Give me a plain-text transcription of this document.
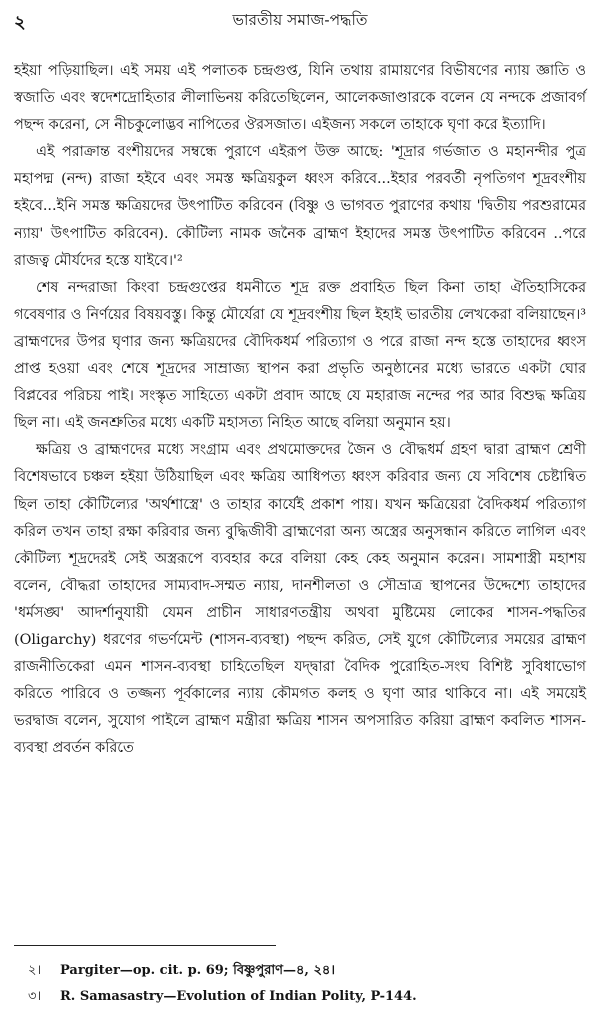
২	ভারতীয় সমাজ-পদ্ধতি

হইয়া পড়িয়াছিল। এই সময় এই পলাতক চন্দ্রগুপ্ত, যিনি তথায় রামায়ণের বিভীষণের ন্যায় জ্ঞাতি ও স্বজাতি এবং স্বদেশদ্রোহিতার লীলাভিনয় করিতেছিলেন, আলেকজাণ্ডারকে বলেন যে নন্দকে প্রজাবর্গ পছন্দ করেনা, সে নীচকুলোদ্ভব নাপিতের ঔরসজাত। এইজন্য সকলে তাহাকে ঘৃণা করে ইত্যাদি।

এই পরাক্রান্ত বংশীয়দের সম্বন্ধে পুরাণে এইরূপ উক্ত আছে: 'শূদ্রার গর্ভজাত ও মহানন্দীর পুত্র মহাপদ্ম (নন্দ) রাজা হইবে এবং সমস্ত ক্ষত্রিয়কুল ধ্বংস করিবে...ইহার পরবর্তী নৃপতিগণ শূদ্রবংশীয় হইবে...ইনি সমস্ত ক্ষত্রিয়দের উৎপাটিত করিবেন (বিষ্ণু ও ভাগবত পুরাণের কথায় 'দ্বিতীয় পরশুরামের ন্যায়' উৎপাটিত করিবেন). কৌটিল্য নামক জনৈক ব্রাহ্মণ ইহাদের সমস্ত উৎপাটিত করিবেন ..পরে রাজত্ব মৌর্যদের হস্তে যাইবে।'²

শেষ নন্দরাজা কিংবা চন্দ্রগুপ্তের ধমনীতে শূদ্র রক্ত প্রবাহিত ছিল কিনা তাহা ঐতিহাসিকের গবেষণার ও নির্ণয়ের বিষয়বস্তু। কিন্তু মৌর্যেরা যে শূদ্রবংশীয় ছিল ইহাই ভারতীয় লেখকেরা বলিয়াছেন।³ ব্রাহ্মণদের উপর ঘৃণার জন্য ক্ষত্রিয়দের বৌদিকধর্ম পরিত্যাগ ও পরে রাজা নন্দ হস্তে তাহাদের ধ্বংস প্রাপ্ত হওয়া এবং শেষে শূদ্রদের সাম্রাজ্য স্থাপন করা প্রভৃতি অনুষ্ঠানের মধ্যে ভারতে একটা ঘোর বিপ্লবের পরিচয় পাই। সংস্কৃত সাহিত্যে একটা প্রবাদ আছে যে মহারাজ নন্দের পর আর বিশুদ্ধ ক্ষত্রিয় ছিল না। এই জনশ্রুতির মধ্যে একটি মহাসত্য নিহিত আছে বলিয়া অনুমান হয়।

ক্ষত্রিয় ও ব্রাহ্মণদের মধ্যে সংগ্রাম এবং প্রথমোক্তদের জৈন ও বৌদ্ধধর্ম গ্রহণ দ্বারা ব্রাহ্মণ শ্রেণী বিশেষভাবে চঞ্চল হইয়া উঠিয়াছিল এবং ক্ষত্রিয় আধিপত্য ধ্বংস করিবার জন্য যে সবিশেষ চেষ্টান্বিত ছিল তাহা কৌটিল্যের 'অর্থশাস্ত্রে' ও তাহার কার্যেই প্রকাশ পায়। যখন ক্ষত্রিয়েরা বৈদিকধর্ম পরিত্যাগ করিল তখন তাহা রক্ষা করিবার জন্য বুদ্ধিজীবী ব্রাহ্মণেরা অন্য অস্ত্রের অনুসন্ধান করিতে লাগিল এবং কৌটিল্য শূদ্রদেরই সেই অস্ত্ররূপে ব্যবহার করে বলিয়া কেহ কেহ অনুমান করেন। সামশাস্ত্রী মহাশয় বলেন, বৌদ্ধরা তাহাদের সাম্যবাদ-সম্মত ন্যায়, দানশীলতা ও সৌভ্রাত্র স্থাপনের উদ্দেশ্যে তাহাদের 'ধর্মসঙ্ঘ' আদর্শানুযায়ী যেমন প্রাচীন সাধারণতন্ত্রীয় অথবা মুষ্টিমেয় লোকের শাসন-পদ্ধতির (Oligarchy) ধরণের গভর্ণমেন্ট (শাসন-ব্যবস্থা) পছন্দ করিত, সেই যুগে কৌটিল্যের সময়ের ব্রাহ্মণ রাজনীতিকেরা এমন শাসন-ব্যবস্থা চাহিতেছিল যদ্দ্বারা বৈদিক পুরোহিত-সংঘ বিশিষ্ট সুবিধাভোগ করিতে পারিবে ও তজ্জন্য পূর্বকালের ন্যায় কৌমগত কলহ ও ঘৃণা আর থাকিবে না। এই সময়েই ভরদ্বাজ বলেন, সুযোগ পাইলে ব্রাহ্মণ মন্ত্রীরা ক্ষত্রিয় শাসন অপসারিত করিয়া ব্রাহ্মণ কবলিত শাসন-ব্যবস্থা প্রবর্তন করিতে

২।	Pargiter—op. cit. p. 69; বিষ্ণুপুরাণ—৪, ২৪।
৩।	R. Samasastry—Evolution of Indian Polity, P-144.
